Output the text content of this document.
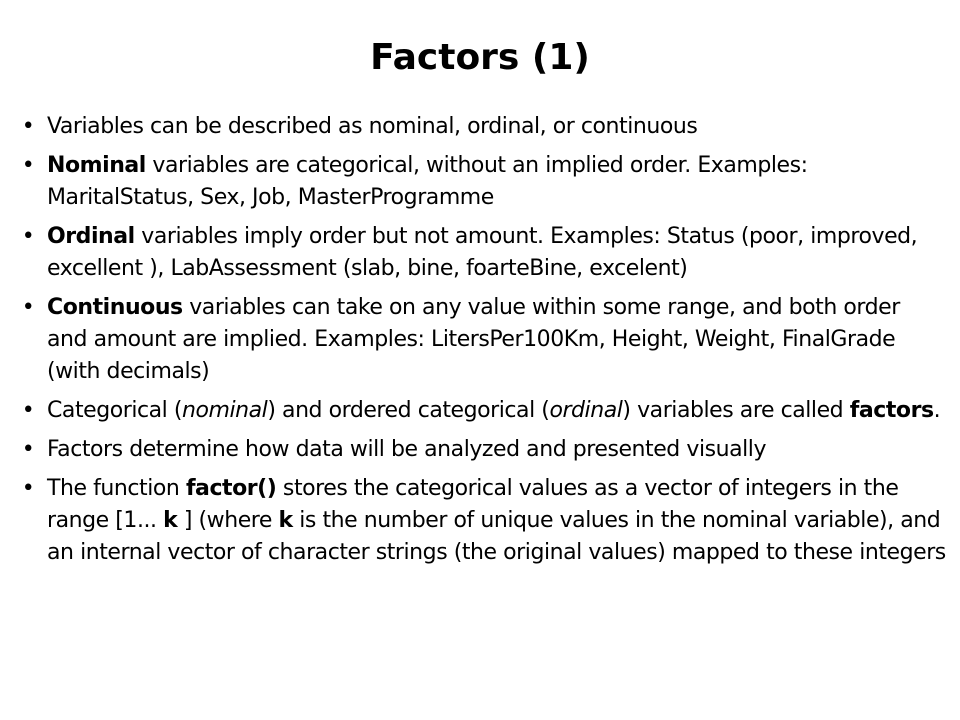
Factors (1)
• Variables can be described as nominal, ordinal, or continuous
• Nominal variables are categorical, without an implied order. Examples: MaritalStatus, Sex, Job, MasterProgramme
• Ordinal variables imply order but not amount. Examples: Status (poor, improved, excellent ), LabAssessment (slab, bine, foarteBine, excelent)
• Continuous variables can take on any value within some range, and both order and amount are implied. Examples: LitersPer100Km, Height, Weight, FinalGrade (with decimals)
• Categorical (nominal) and ordered categorical (ordinal) variables are called factors.
• Factors determine how data will be analyzed and presented visually
• The function factor() stores the categorical values as a vector of integers in the range [1... k ] (where k is the number of unique values in the nominal variable), and an internal vector of character strings (the original values) mapped to these integers
